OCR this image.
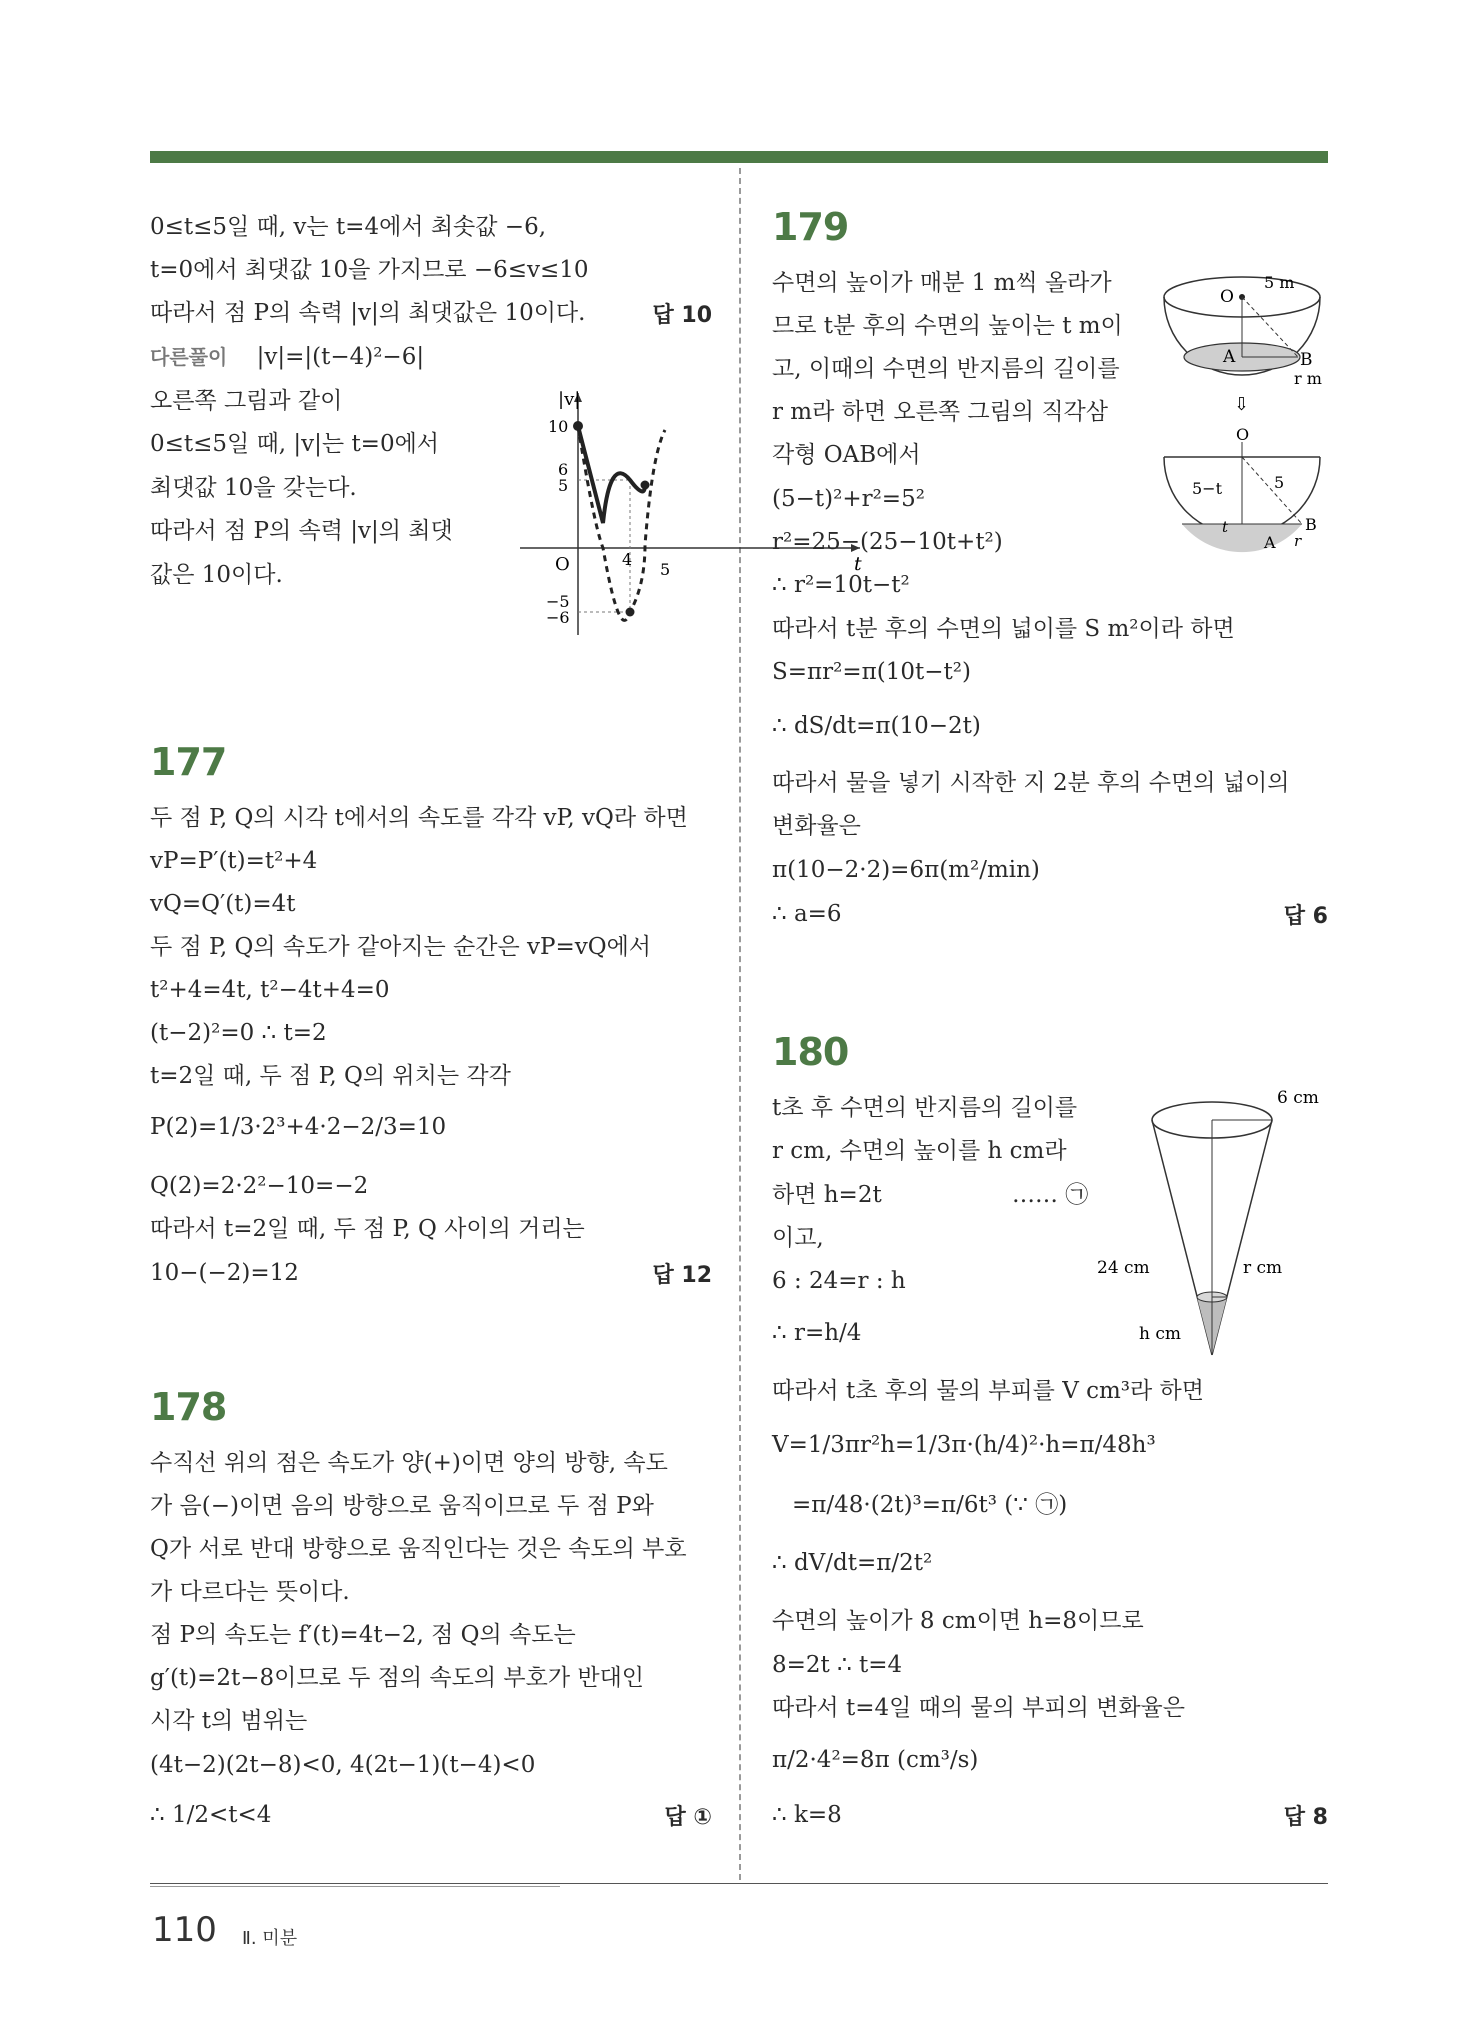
0≤t≤5일 때, v는 t=4에서 최솟값 −6,
t=0에서 최댓값 10을 가지므로 −6≤v≤10
따라서 점 P의 속력 |v|의 최댓값은 10이다.	답 10
다른풀이 |v|=|(t−4)²−6|
오른쪽 그림과 같이
0≤t≤5일 때, |v|는 t=0에서
최댓값 10을 갖는다.
따라서 점 P의 속력 |v|의 최댓
값은 10이다.
|v|
t
O
10
6
5
−5
−6
4
5
177
두 점 P, Q의 시각 t에서의 속도를 각각 vP, vQ라 하면
vP=P′(t)=t²+4
vQ=Q′(t)=4t
두 점 P, Q의 속도가 같아지는 순간은 vP=vQ에서
t²+4=4t, t²−4t+4=0
(t−2)²=0 ∴ t=2
t=2일 때, 두 점 P, Q의 위치는 각각
P(2)=1/3·2³+4·2−2/3=10
Q(2)=2·2²−10=−2
따라서 t=2일 때, 두 점 P, Q 사이의 거리는
10−(−2)=12	답 12
178
수직선 위의 점은 속도가 양(+)이면 양의 방향, 속도
가 음(−)이면 음의 방향으로 움직이므로 두 점 P와
Q가 서로 반대 방향으로 움직인다는 것은 속도의 부호
가 다르다는 뜻이다.
점 P의 속도는 f′(t)=4t−2, 점 Q의 속도는
g′(t)=2t−8이므로 두 점의 속도의 부호가 반대인
시각 t의 범위는
(4t−2)(2t−8)<0, 4(2t−1)(t−4)<0
∴ 1/2<t<4	답 ①
179
수면의 높이가 매분 1 m씩 올라가
므로 t분 후의 수면의 높이는 t m이
고, 이때의 수면의 반지름의 길이를
r m라 하면 오른쪽 그림의 직각삼
각형 OAB에서
(5−t)²+r²=5²
r²=25−(25−10t+t²)
∴ r²=10t−t²
따라서 t분 후의 수면의 넓이를 S m²이라 하면
S=πr²=π(10t−t²)
∴ dS/dt=π(10−2t)
따라서 물을 넣기 시작한 지 2분 후의 수면의 넓이의
변화율은
π(10−2·2)=6π(m²/min)
∴ a=6	답 6
O
5 m
A	B
r m
⇩
O
5−t	5
t	B
A r
180
t초 후 수면의 반지름의 길이를
r cm, 수면의 높이를 h cm라
하면 h=2t	…… ㉠
이고,
6 : 24=r : h
∴ r=h/4
따라서 t초 후의 물의 부피를 V cm³라 하면
V=1/3πr²h=1/3π·(h/4)²·h=π/48h³
=π/48·(2t)³=π/6t³ (∵ ㉠)
∴ dV/dt=π/2t²
수면의 높이가 8 cm이면 h=8이므로
8=2t ∴ t=4
따라서 t=4일 때의 물의 부피의 변화율은
π/2·4²=8π (cm³/s)
∴ k=8	답 8
6 cm
24 cm	r cm
h cm
110 Ⅱ. 미분
